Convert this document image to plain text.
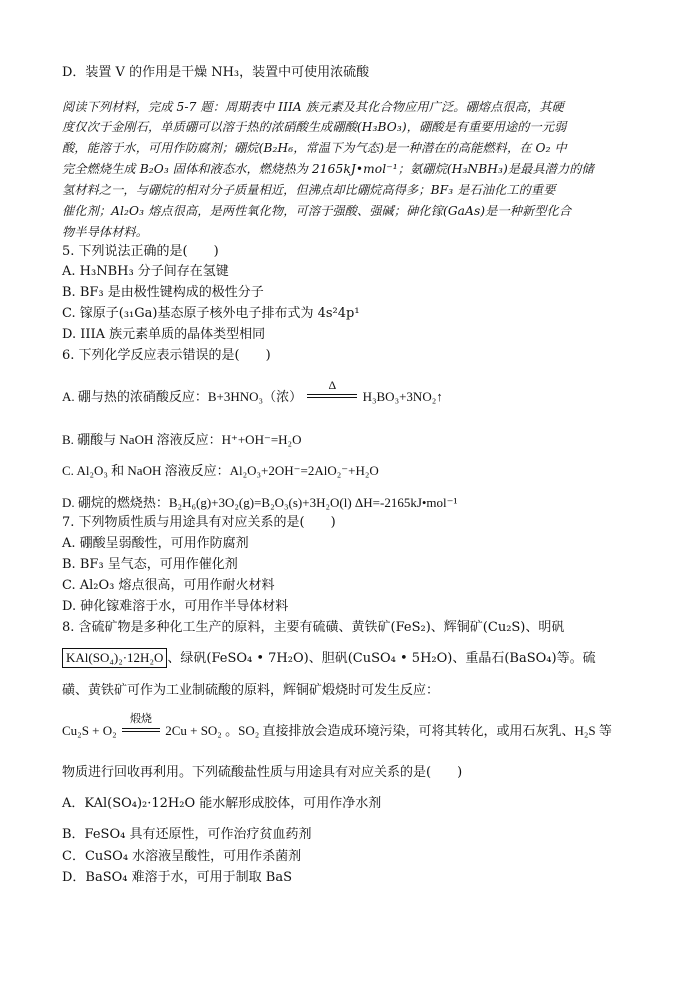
D．装置 V 的作用是干燥 NH₃，装置中可使用浓硫酸
阅读下列材料，完成 5-7 题：周期表中 IIIA 族元素及其化合物应用广泛。硼熔点很高，其硬
度仅次于金刚石，单质硼可以溶于热的浓硝酸生成硼酸(H₃BO₃)，硼酸是有重要用途的一元弱
酸，能溶于水，可用作防腐剂；硼烷(B₂H₆，常温下为气态)是一种潜在的高能燃料，在 O₂ 中
完全燃烧生成 B₂O₃ 固体和液态水，燃烧热为 2165kJ•mol⁻¹；氨硼烷(H₃NBH₃)是最具潜力的储
氢材料之一，与硼烷的相对分子质量相近，但沸点却比硼烷高得多；BF₃ 是石油化工的重要
催化剂；Al₂O₃ 熔点很高，是两性氧化物，可溶于强酸、强碱；砷化镓(GaAs)是一种新型化合
物半导体材料。
5. 下列说法正确的是(　　)
A. H₃NBH₃ 分子间存在氢键
B. BF₃ 是由极性键构成的极性分子
C. 镓原子(₃₁Ga)基态原子核外电子排布式为 4s²4p¹
D. IIIA 族元素单质的晶体类型相同
6. 下列化学反应表示错误的是(　　)
A. 硼与热的浓硝酸反应：B+3HNO₃（浓）
Δ
H₃BO₃+3NO₂↑
B. 硼酸与 NaOH 溶液反应：H⁺+OH⁻=H₂O
C. Al₂O₃ 和 NaOH 溶液反应：Al₂O₃+2OH⁻=2AlO₂⁻+H₂O
D. 硼烷的燃烧热：B₂H₆(g)+3O₂(g)=B₂O₃(s)+3H₂O(l) ΔH=-2165kJ•mol⁻¹
7. 下列物质性质与用途具有对应关系的是(　　)
A. 硼酸呈弱酸性，可用作防腐剂
B. BF₃ 呈气态，可用作催化剂
C. Al₂O₃ 熔点很高，可用作耐火材料
D. 砷化镓难溶于水，可用作半导体材料
8. 含硫矿物是多种化工生产的原料，主要有硫磺、黄铁矿(FeS₂)、辉铜矿(Cu₂S)、明矾
KAl(SO₄)₂·12H₂O 、绿矾(FeSO₄ • 7H₂O)、胆矾(CuSO₄ • 5H₂O)、重晶石(BaSO₄)等。硫
磺、黄铁矿可作为工业制硫酸的原料，辉铜矿煅烧时可发生反应：
Cu₂S + O₂
煅烧
2Cu + SO₂ 。SO₂ 直接排放会造成环境污染，可将其转化，或用石灰乳、H₂S 等
物质进行回收再利用。下列硫酸盐性质与用途具有对应关系的是(　　)
A．KAl(SO₄)₂·12H₂O 能水解形成胶体，可用作净水剂
B．FeSO₄ 具有还原性，可作治疗贫血药剂
C．CuSO₄ 水溶液呈酸性，可用作杀菌剂
D．BaSO₄ 难溶于水，可用于制取 BaS
